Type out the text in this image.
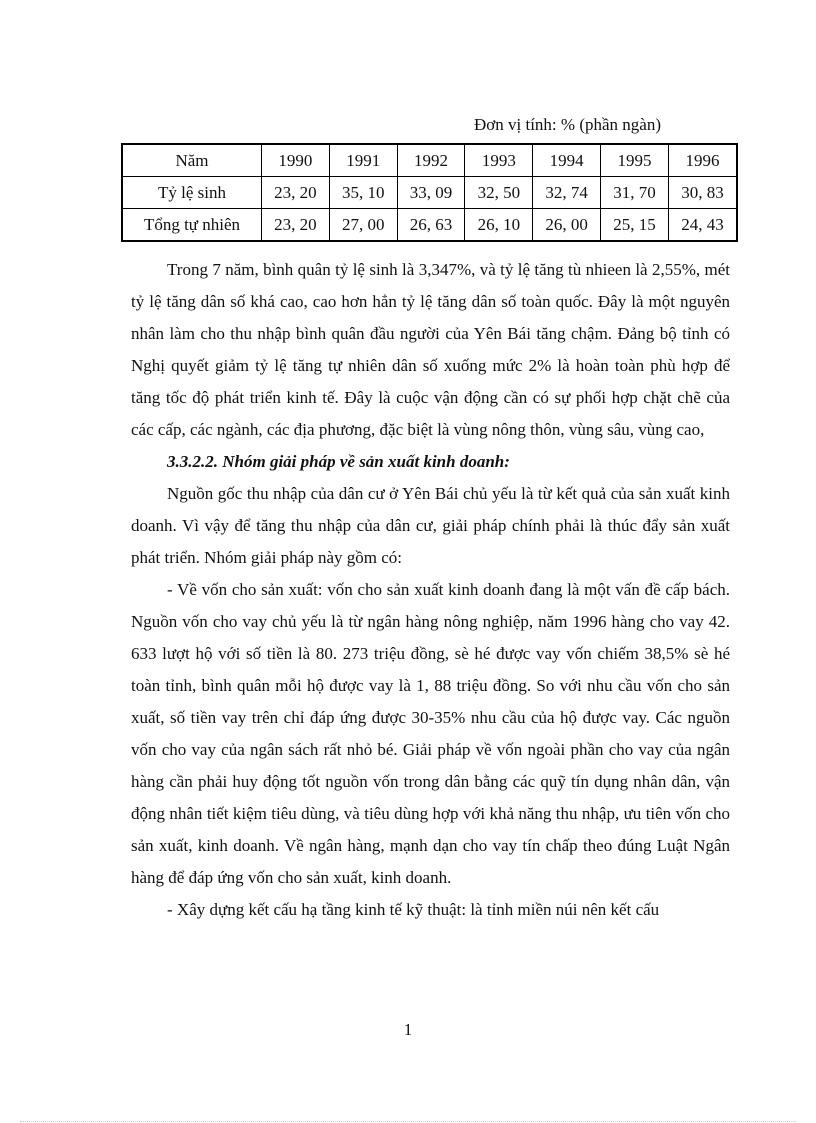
Đơn vị tính: % (phần ngàn)
Năm	1990	1991	1992	1993	1994	1995	1996
Tỷ lệ sinh	23, 20	35, 10	33, 09	32, 50	32, 74	31, 70	30, 83
Tổng tự nhiên	23, 20	27, 00	26, 63	26, 10	26, 00	25, 15	24, 43

Trong 7 năm, bình quân tỷ lệ sinh là 3,347%, và tỷ lệ tăng tù nhieen là 2,55%, mét tỷ lệ tăng dân số khá cao, cao hơn hẳn tỷ lệ tăng dân số toàn quốc. Đây là một nguyên nhân làm cho thu nhập bình quân đầu người của Yên Bái tăng chậm. Đảng bộ tỉnh có Nghị quyết giảm tỷ lệ tăng tự nhiên dân số xuống mức 2% là hoàn toàn phù hợp để tăng tốc độ phát triển kinh tế. Đây là cuộc vận động cần có sự phối hợp chặt chẽ của các cấp, các ngành, các địa phương, đặc biệt là vùng nông thôn, vùng sâu, vùng cao,

3.3.2.2. Nhóm giải pháp về sản xuất kinh doanh:

Nguồn gốc thu nhập của dân cư ở Yên Bái chủ yếu là từ kết quả của sản xuất kinh doanh. Vì vậy để tăng thu nhập của dân cư, giải pháp chính phải là thúc đẩy sản xuất phát triển. Nhóm giải pháp này gồm có:

- Về vốn cho sản xuất: vốn cho sản xuất kinh doanh đang là một vấn đề cấp bách. Nguồn vốn cho vay chủ yếu là từ ngân hàng nông nghiệp, năm 1996 hàng cho vay 42. 633 lượt hộ với số tiền là 80. 273 triệu đồng, sè hé được vay vốn chiếm 38,5% sè hé toàn tỉnh, bình quân mỗi hộ được vay là 1, 88 triệu đồng. So với nhu cầu vốn cho sản xuất, số tiền vay trên chỉ đáp ứng được 30-35% nhu cầu của hộ được vay. Các nguồn vốn cho vay của ngân sách rất nhỏ bé. Giải pháp về vốn ngoài phần cho vay của ngân hàng cần phải huy động tốt nguồn vốn trong dân bằng các quỹ tín dụng nhân dân, vận động nhân tiết kiệm tiêu dùng, và tiêu dùng hợp với khả năng thu nhập, ưu tiên vốn cho sản xuất, kinh doanh. Về ngân hàng, mạnh dạn cho vay tín chấp theo đúng Luật Ngân hàng để đáp ứng vốn cho sản xuất, kinh doanh.

- Xây dựng kết cấu hạ tầng kinh tế kỹ thuật: là tỉnh miền núi nên kết cấu

1
